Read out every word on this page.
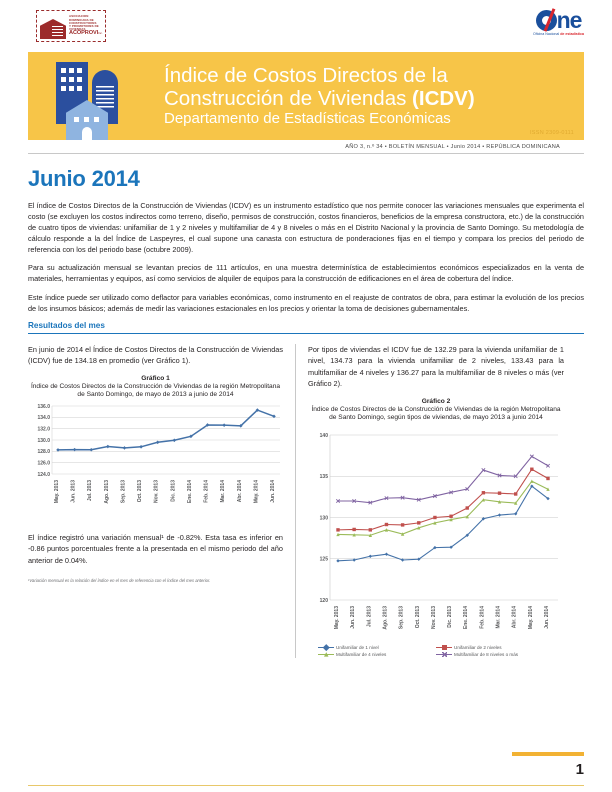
+
ASOCIACION
DOMINICANA DE
CONSTRUCTORES
Y PROMOTORES DE
VIVIENDAS
ACOPROVIInc.	ne
Oficina Nacional de estadística
Índice de Costos Directos de la
Construcción de Viviendas (ICDV)
Departamento de Estadísticas Económicas
ISSN 2309-0111
AÑO 3, n.º 34 • BOLETÍN MENSUAL • Junio 2014 • REPÚBLICA DOMINICANA
Junio 2014

El índice de Costos Directos de la Construcción de Viviendas (ICDV) es un instrumento estadístico que nos permite conocer las variaciones mensuales que experimenta el costo (se excluyen los costos indirectos como terreno, diseño, permisos de construcción, costos financieros, beneficios de la empresa constructora, etc.) de la construcción de cuatro tipos de viviendas: unifamiliar de 1 y 2 niveles y multifamiliar de 4 y 8 niveles o más en el Distrito Nacional y la provincia de Santo Domingo. Su metodología de cálculo responde a la del Índice de Laspeyres, el cual supone una canasta con estructura de ponderaciones fijas en el tiempo y compara los precios del periodo de referencia con los del periodo base (octubre 2009).

Para su actualización mensual se levantan precios de 111 artículos, en una muestra determinística de establecimientos económicos especializados en la venta de materiales, herramientas y equipos, así como servicios de alquiler de equipos para la construcción de edificaciones en el área de cobertura del índice.

Este índice puede ser utilizado como deflactor para variables económicas, como instrumento en el reajuste de contratos de obra, para estimar la evolución de los precios de los insumos básicos; además de medir las variaciones estacionales en los precios y orientar la toma de decisiones gubernamentales.

Resultados del mes

En junio de 2014 el Índice de Costos Directos de la Construcción de Viviendas (ICDV) fue de 134.18 en promedio (ver Gráfico 1).

Gráfico 1
Índice de Costos Directos de la Construcción de Viviendas de la región Metropolitana de Santo Domingo, de mayo de 2013 a junio de 2014
124.0
126.0
128.0
130.0
132.0
134.0
136.0
May. 2013 Jun. 2013 Jul. 2013 Ago. 2013 Sep. 2013 Oct. 2013 Nov. 2013 Dic. 2013 Ene. 2014 Feb. 2014 Mar. 2014 Abr. 2014 May. 2014 Jun. 2014

El índice registró una variación mensual¹ de -0.82%. Esta tasa es inferior en -0.86 puntos porcentuales frente a la presentada en el mismo periodo del año anterior de 0.04%.

¹Variación mensual es la relación del índice en el mes de referencia con el índice del mes anterior.

Por tipos de viviendas el ICDV fue de 132.29 para la vivienda unifamiliar de 1 nivel, 134.73 para la vivienda unifamiliar de 2 niveles, 133.43 para la multifamiliar de 4 niveles y 136.27 para la multifamiliar de 8 niveles o más (ver Gráfico 2).

Gráfico 2
Índice de Costos Directos de la Construcción de Viviendas de la región Metropolitana de Santo Domingo, según tipos de viviendas, de mayo 2013 a junio 2014
120
125
130
135
140
May. 2013 Jun. 2013 Jul. 2013 Ago. 2013 Sep. 2013 Oct. 2013 Nov. 2013 Dic. 2013 Ene. 2014 Feb. 2014 Mar. 2014 Abr. 2014 May. 2014 Jun. 2014
Unifamiliar de 1 nivel	Unifamiliar de 2 niveles
Multifamiliar de 4 niveles	Multifamiliar de 8 niveles o más
1
